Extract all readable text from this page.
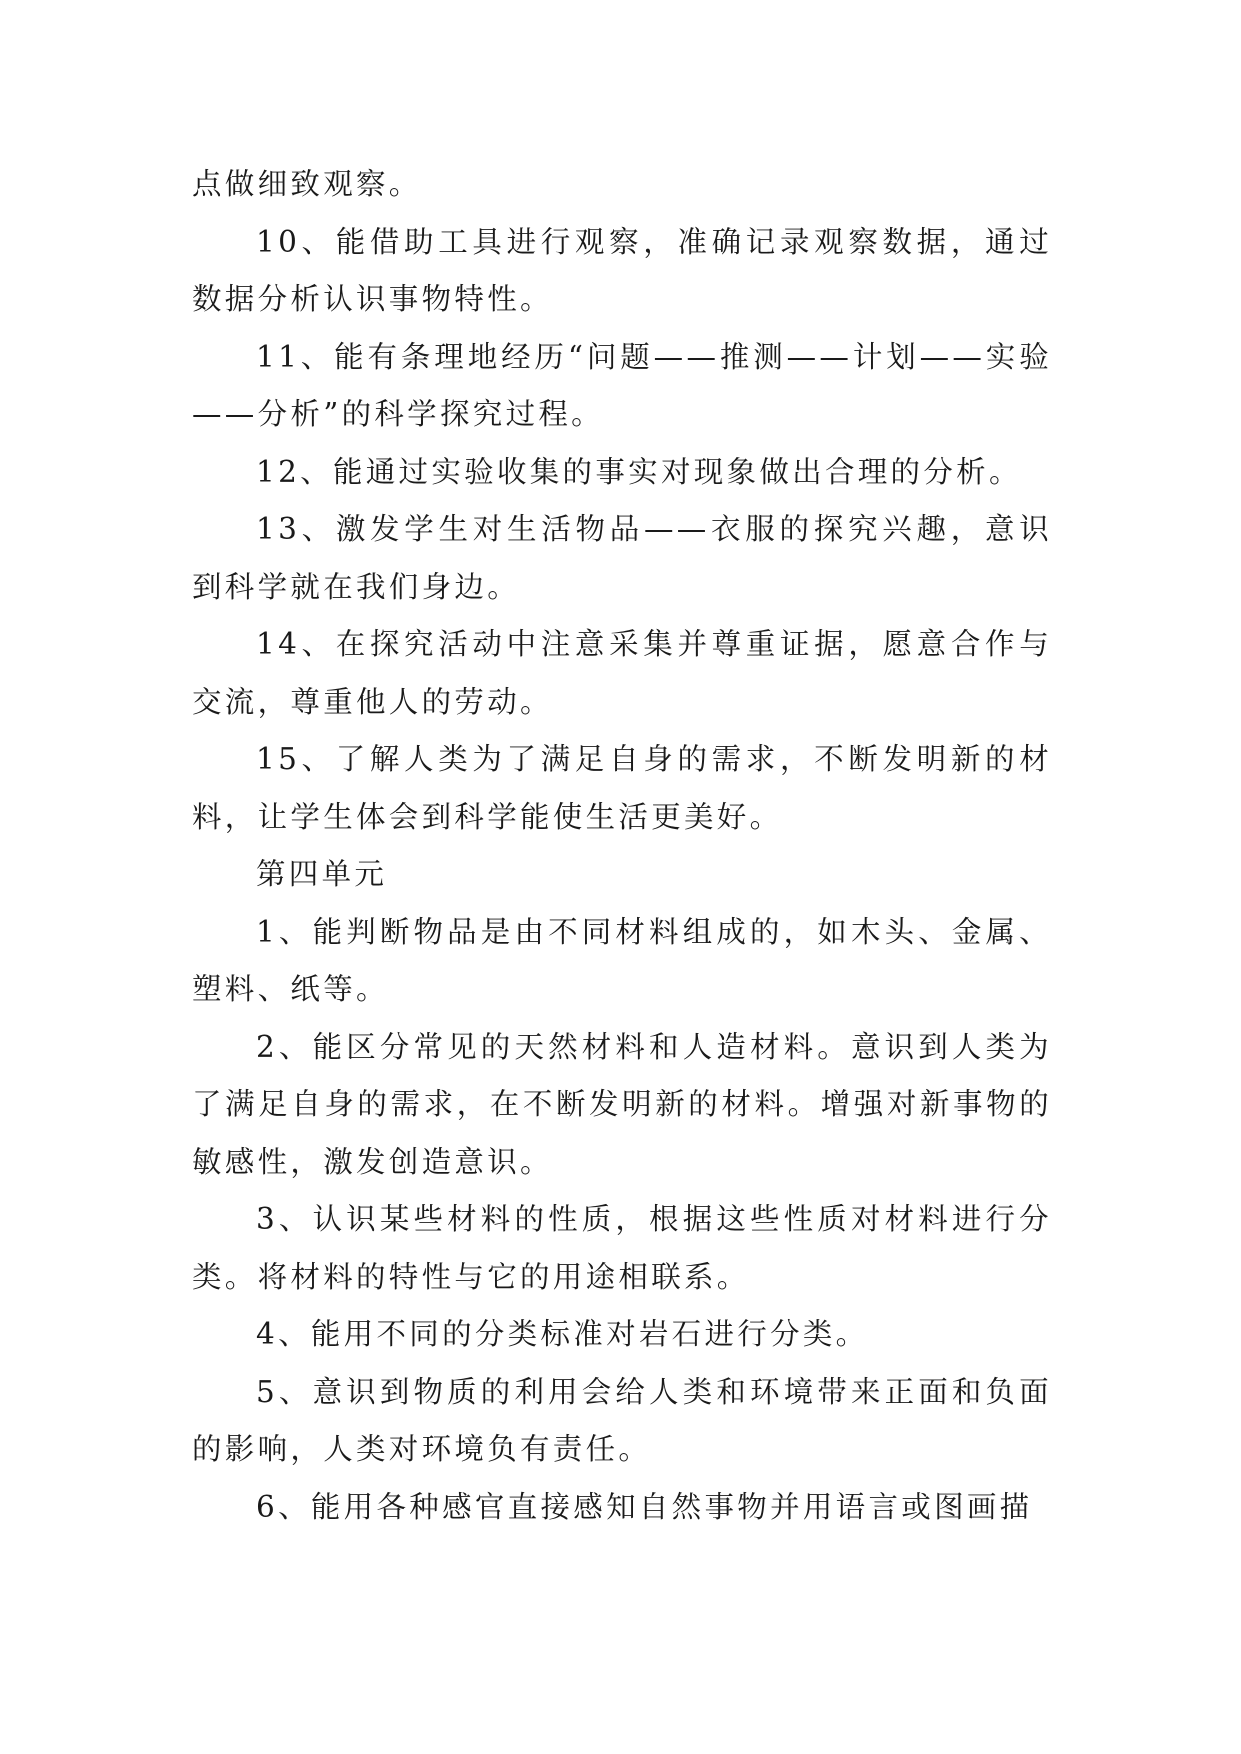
点做细致观察。

10、能借助工具进行观察，准确记录观察数据，通过数据分析认识事物特性。

11、能有条理地经历“问题——推测——计划——实验——分析”的科学探究过程。

12、能通过实验收集的事实对现象做出合理的分析。

13、激发学生对生活物品——衣服的探究兴趣，意识到科学就在我们身边。

14、在探究活动中注意采集并尊重证据，愿意合作与交流，尊重他人的劳动。

15、了解人类为了满足自身的需求，不断发明新的材料，让学生体会到科学能使生活更美好。

第四单元

1、能判断物品是由不同材料组成的，如木头、金属、塑料、纸等。

2、能区分常见的天然材料和人造材料。意识到人类为了满足自身的需求，在不断发明新的材料。增强对新事物的敏感性，激发创造意识。

3、认识某些材料的性质，根据这些性质对材料进行分类。将材料的特性与它的用途相联系。

4、能用不同的分类标准对岩石进行分类。

5、意识到物质的利用会给人类和环境带来正面和负面的影响，人类对环境负有责任。

6、能用各种感官直接感知自然事物并用语言或图画描
